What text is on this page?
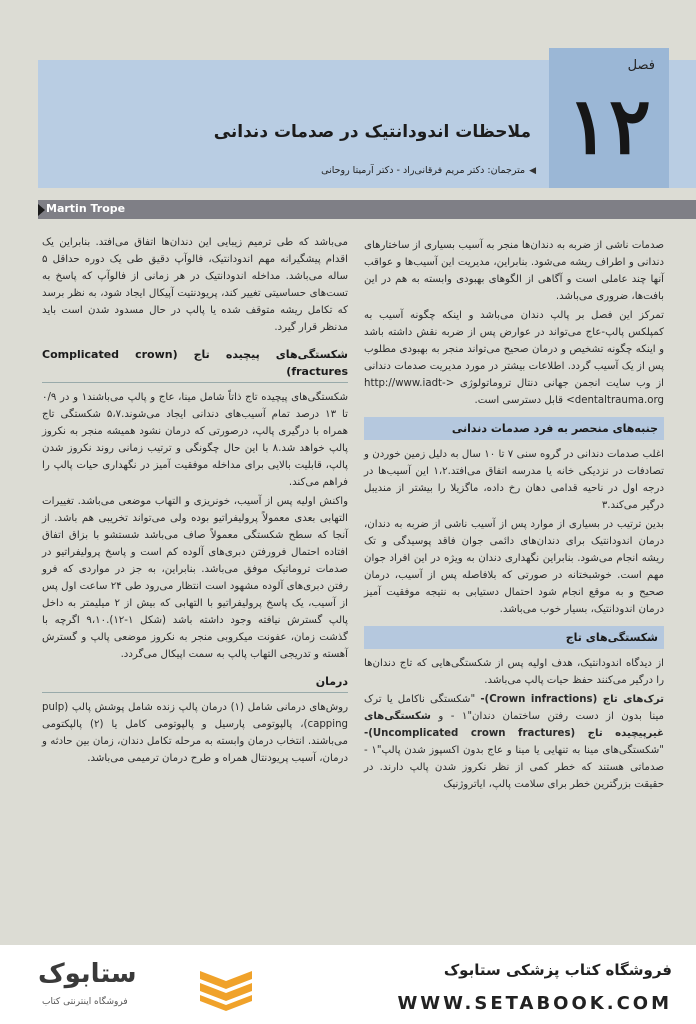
فصل
۱۲
ملاحظات اندودانتیک در صدمات دندانی
◀مترجمان: دکتر مریم فرقانی‌راد - دکتر آرمیتا روحانی
Martin Trope

صدمات ناشی از ضربه به دندان‌ها منجر به آسیب بسیاری از ساختارهای دندانی و اطراف ریشه می‌شود. بنابراین، مدیریت این آسیب‌ها و عواقب آنها چند عاملی است و آگاهی از الگوهای بهبودی وابسته به هم در این بافت‌ها، ضروری می‌باشد.

تمرکز این فصل بر پالپ دندان می‌باشد و اینکه چگونه آسیب به کمپلکس پالپ-عاج می‌تواند در عوارض پس از ضربه نقش داشته باشد و اینکه چگونه تشخیص و درمان صحیح می‌تواند منجر به بهبودی مطلوب پس از یک آسیب گردد. اطلاعات بیشتر در مورد مدیریت صدمات دندانی از وب سایت انجمن جهانی دنتال تروماتولوژی <http://www.iadt-dentaltrauma.org> قابل دسترسی است.

جنبه‌های منحصر به فرد صدمات دندانی

اغلب صدمات دندانی در گروه سنی ۷ تا ۱۰ سال به دلیل زمین خوردن و تصادفات در نزدیکی خانه یا مدرسه اتفاق می‌افتد.۱،۲ این آسیب‌ها در درجه اول در ناحیه قدامی دهان رخ داده، ماگزیلا را بیشتر از مندیبل درگیر می‌کند.۳

بدین ترتیب در بسیاری از موارد پس از آسیب ناشی از ضربه به دندان، درمان اندودانتیک برای دندان‌های دائمی جوان فاقد پوسیدگی و تک ریشه انجام می‌شود. بنابراین نگهداری دندان به ویژه در این افراد جوان مهم است. خوشبختانه در صورتی که بلافاصله پس از آسیب، درمان صحیح و به موقع انجام شود احتمال دستیابی به نتیجه موفقیت آمیز درمان اندودانتیک، بسیار خوب می‌باشد.

شکستگی‌های تاج

از دیدگاه اندودانتیک، هدف اولیه پس از شکستگی‌هایی که تاج دندان‌ها را درگیر می‌کنند حفظ حیات پالپ می‌باشد.

ترک‌های تاج (Crown infractions)- "شکستگی ناکامل یا ترک مینا بدون از دست رفتن ساختمان دندان"۱ - و شکستگی‌های غیرپیچیده تاج (Uncomplicated crown fractures)- "شکستگی‌های مینا به تنهایی یا مینا و عاج بدون اکسپوز شدن پالپ"۱ - صدماتی هستند که خطر کمی از نظر نکروز شدن پالپ دارند. در حقیقت بزرگترین خطر برای سلامت پالپ، ایاتروژنیک

می‌باشد که طی ترمیم زیبایی این دندان‌ها اتفاق می‌افتد. بنابراین یک اقدام پیشگیرانه مهم اندودانتیک، فالوآپ دقیق طی یک دوره حداقل ۵ ساله می‌باشد. مداخله اندودانتیک در هر زمانی از فالوآپ که پاسخ به تست‌های حساسیتی تغییر کند، پریودنتیت آپیکال ایجاد شود، به نظر برسد که تکامل ریشه متوقف شده یا پالپ در حال مسدود شدن است باید مدنظر قرار گیرد.

شکستگی‌های پیچیده تاج (Complicated crown fractures)

شکستگی‌های پیچیده تاج ذاتاً شامل مینا، عاج و پالپ می‌باشند۱ و در ۰/۹ تا ۱۳ درصد تمام آسیب‌های دندانی ایجاد می‌شوند.۵،۷ شکستگی تاج همراه با درگیری پالپ، درصورتی که درمان نشود همیشه منجر به نکروز پالپ خواهد شد.۸ با این حال چگونگی و ترتیب زمانی روند نکروز شدن پالپ، قابلیت بالایی برای مداخله موفقیت آمیز در نگهداری حیات پالپ را فراهم می‌کند.

واکنش اولیه پس از آسیب، خونریزی و التهاب موضعی می‌باشد. تغییرات التهابی بعدی معمولاً پرولیفراتیو بوده ولی می‌تواند تخریبی هم باشد. از آنجا که سطح شکستگی معمولاً صاف می‌باشد شستشو با بزاق اتفاق افتاده احتمال فرورفتن دبری‌های آلوده کم است و پاسخ پرولیفراتیو در صدمات تروماتیک موفق می‌باشد. بنابراین، به جز در مواردی که فرو رفتن دبری‌های آلوده مشهود است انتظار می‌رود طی ۲۴ ساعت اول پس از آسیب، یک پاسخ پرولیفراتیو با التهابی که بیش از ۲ میلیمتر به داخل پالپ گسترش نیافته وجود داشته باشد (شکل ۱-۱۲).۹،۱۰ اگرچه با گذشت زمان، عفونت میکروبی منجر به نکروز موضعی پالپ و گسترش آهسته و تدریجی التهاب پالپ به سمت اپیکال می‌گردد.

درمان

روش‌های درمانی شامل (۱) درمان پالپ زنده شامل پوشش پالپ (pulp capping)، پالپوتومی پارسیل و پالپوتومی کامل یا (۲) پالپکتومی می‌باشند. انتخاب درمان وابسته به مرحله تکامل دندان، زمان بین حادثه و درمان، آسیب پریودنتال همراه و طرح درمان ترمیمی می‌باشد.

ستابوک
فروشگاه اینترنتی کتاب
فروشگاه کتاب پزشکی ستابوک
WWW.SETABOOK.COM
